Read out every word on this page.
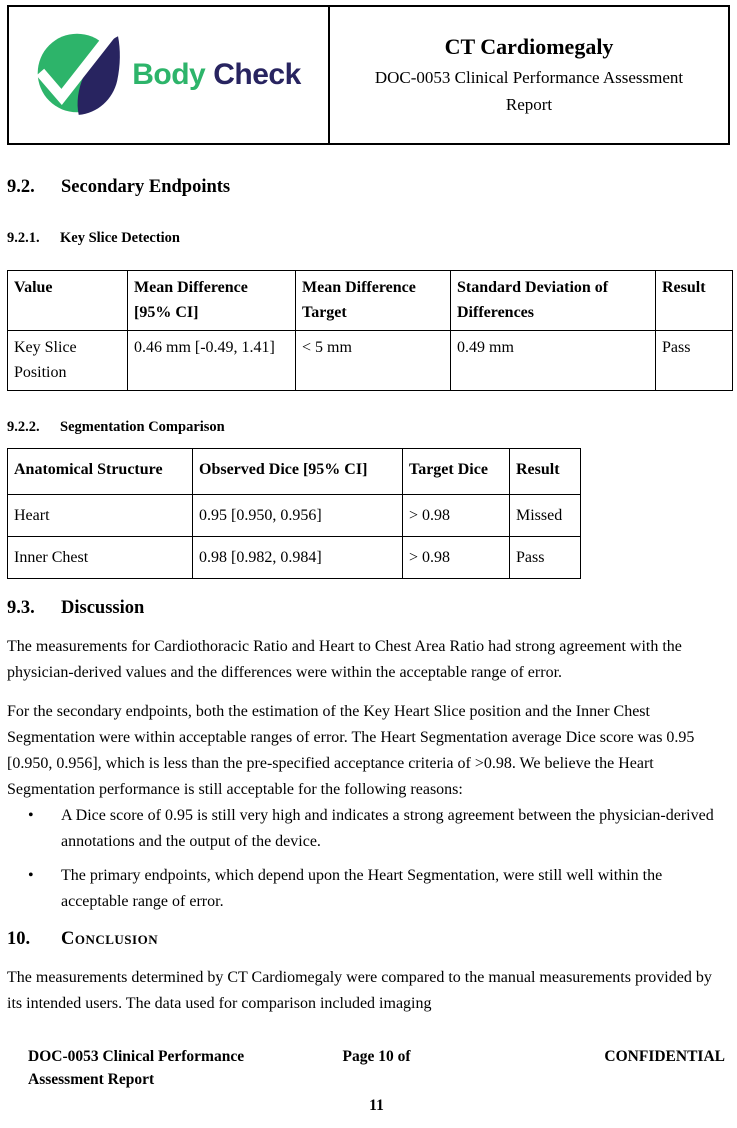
Body Check
CT Cardiomegaly
DOC-0053 Clinical Performance Assessment Report
9.2.	Secondary Endpoints
9.2.1.	Key Slice Detection
Value	Mean Difference [95% CI]	Mean Difference Target	Standard Deviation of Differences	Result
Key Slice Position	0.46 mm [-0.49, 1.41]	< 5 mm	0.49 mm	Pass
9.2.2.	Segmentation Comparison
Anatomical Structure	Observed Dice [95% CI]	Target Dice	Result
Heart	0.95 [0.950, 0.956]	> 0.98	Missed
Inner Chest	0.98 [0.982, 0.984]	> 0.98	Pass
9.3.	Discussion

The measurements for Cardiothoracic Ratio and Heart to Chest Area Ratio had strong agreement with the physician-derived values and the differences were within the acceptable range of error.

For the secondary endpoints, both the estimation of the Key Heart Slice position and the Inner Chest Segmentation were within acceptable ranges of error. The Heart Segmentation average Dice score was 0.95 [0.950, 0.956], which is less than the pre-specified acceptance criteria of >0.98. We believe the Heart Segmentation performance is still acceptable for the following reasons:

• A Dice score of 0.95 is still very high and indicates a strong agreement between the physician-derived annotations and the output of the device.
• The primary endpoints, which depend upon the Heart Segmentation, were still well within the acceptable range of error.
10.	Conclusion

The measurements determined by CT Cardiomegaly were compared to the manual measurements provided by its intended users. The data used for comparison included imaging

Page 10 of
11
DOC-0053 Clinical Performance Assessment Report
CONFIDENTIAL
